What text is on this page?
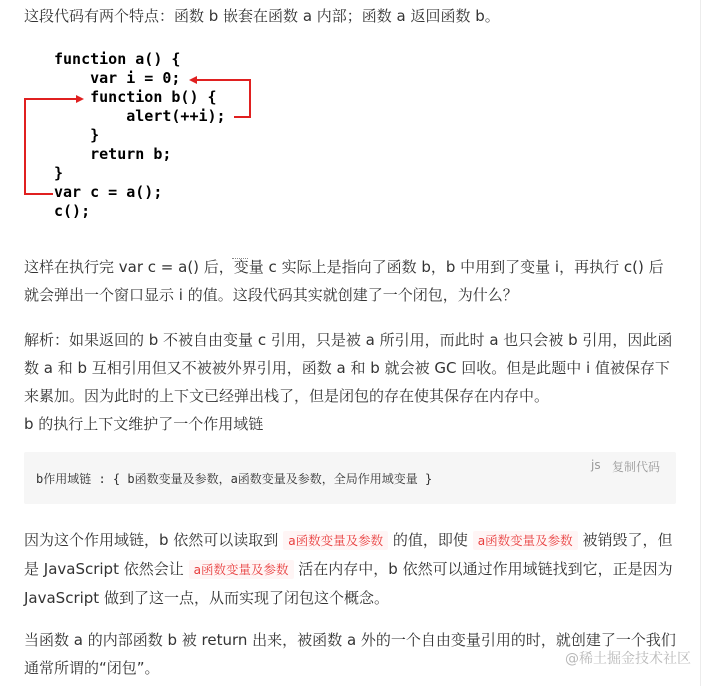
这段代码有两个特点：函数 b 嵌套在函数 a 内部；函数 a 返回函数 b。

function a() {
var i = 0;
function b() {
alert(++i);
}
return b;
}
var c = a();
c();

这样在执行完 var c = a() 后，变量 c 实际上是指向了函数 b，b 中用到了变量 i，再执行 c() 后就会弹出一个窗口显示 i 的值。这段代码其实就创建了一个闭包，为什么？

解析：如果返回的 b 不被自由变量 c 引用，只是被 a 所引用，而此时 a 也只会被 b 引用，因此函数 a 和 b 互相引用但又不被被外界引用，函数 a 和 b 就会被 GC 回收。但是此题中 i 值被保存下来累加。因为此时的上下文已经弹出栈了，但是闭包的存在使其保存在内存中。

b 的执行上下文维护了一个作用域链

b作用域链 : { b函数变量及参数，a函数变量及参数，全局作用域变量 }
js 复制代码

因为这个作用域链，b 依然可以读取到 a函数变量及参数 的值，即使 a函数变量及参数 被销毁了，但是 JavaScript 依然会让 a函数变量及参数 活在内存中，b 依然可以通过作用域链找到它，正是因为 JavaScript 做到了这一点，从而实现了闭包这个概念。

当函数 a 的内部函数 b 被 return 出来，被函数 a 外的一个自由变量引用的时，就创建了一个我们通常所谓的“闭包”。	@稀土掘金技术社区
